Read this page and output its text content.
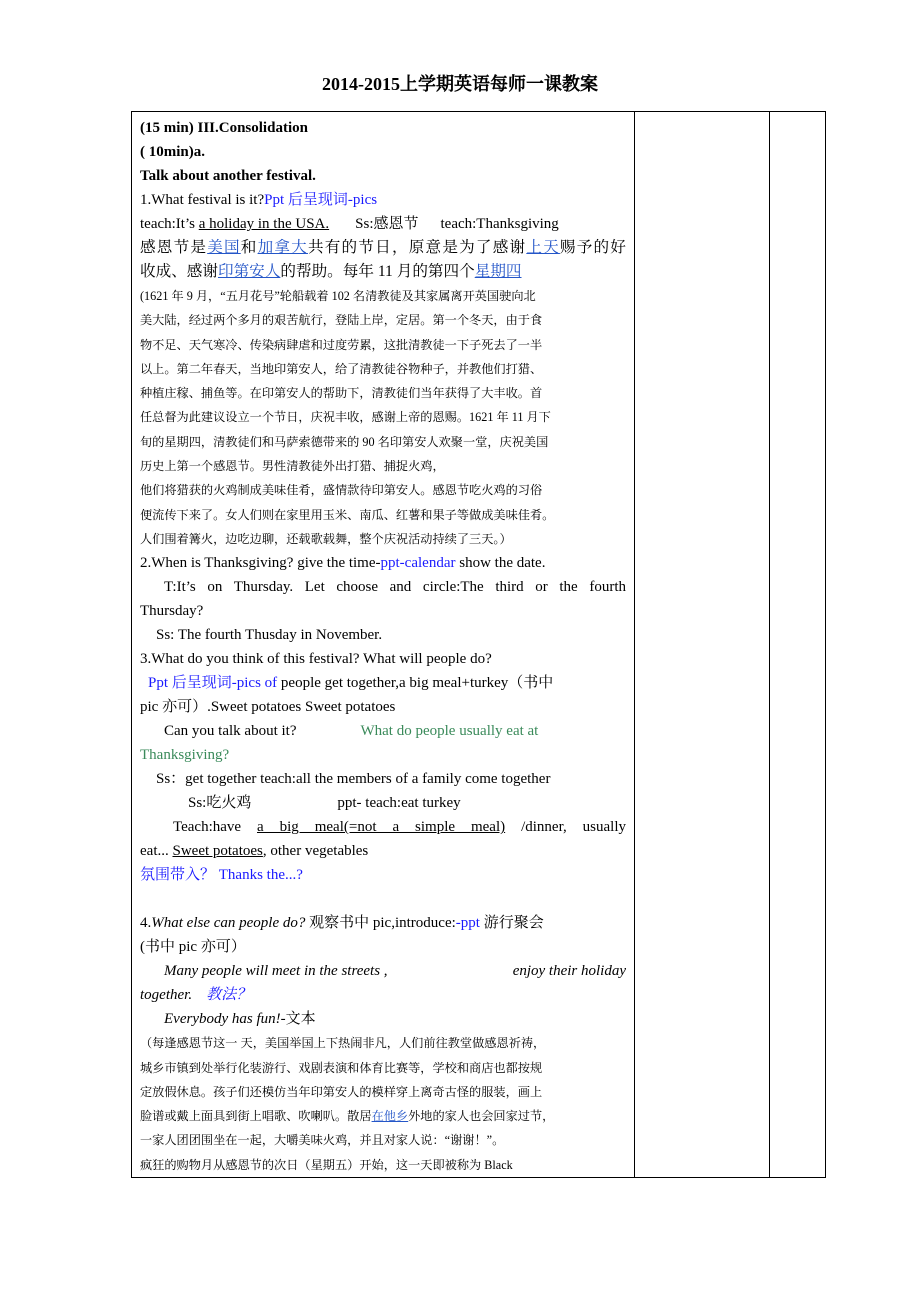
2014-2015上学期英语每师一课教案
(15 min) III.Consolidation
( 10min)a.
Talk about another festival.
1.What festival is it?Ppt 后呈现词-pics
teach:It’s a holiday in the USA. Ss:感恩节 teach:Thanksgiving
感恩节是美国和加拿大共有的节日，原意是为了感谢上天赐予的好
收成、感谢印第安人的帮助。每年 11 月的第四个星期四
(1621 年 9 月，“五月花号”轮船载着 102 名清教徒及其家属离开英国驶向北
美大陆，经过两个多月的艰苦航行，登陆上岸，定居。第一个冬天，由于食
物不足、天气寒冷、传染病肆虐和过度劳累，这批清教徒一下子死去了一半
以上。第二年春天，当地印第安人，给了清教徒谷物种子，并教他们打猎、
种植庄稼、捕鱼等。在印第安人的帮助下，清教徒们当年获得了大丰收。首
任总督为此建议设立一个节日，庆祝丰收，感谢上帝的恩赐。1621 年 11 月下
旬的星期四，清教徒们和马萨索德带来的 90 名印第安人欢聚一堂，庆祝美国
历史上第一个感恩节。男性清教徒外出打猎、捕捉火鸡，
他们将猎获的火鸡制成美味佳肴，盛情款待印第安人。感恩节吃火鸡的习俗
便流传下来了。女人们则在家里用玉米、南瓜、红薯和果子等做成美味佳肴。
人们围着篝火，边吃边聊，还载歌载舞，整个庆祝活动持续了三天。）
2.When is Thanksgiving? give the time-ppt-calendar show the date.
T:It’s on Thursday. Let choose and circle:The third or the fourth
Thursday?
Ss: The fourth Thusday in November.
3.What do you think of this festival? What will people do?
Ppt 后呈现词-pics of people get together,a big meal+turkey（书中
pic 亦可）.Sweet potatoes Sweet potatoes
Can you talk about it?	What do people usually eat at
Thanksgiving?
Ss：get together teach:all the members of a family come together
Ss:吃火鸡	ppt- teach:eat turkey
Teach:have a big meal(=not a simple meal) /dinner, usually
eat... Sweet potatoes, other vegetables
氛围带入？ Thanks the...?
4.What else can people do? 观察书中 pic,introduce:-ppt 游行聚会
(书中 pic 亦可）
Many people will meet in the streets ,	enjoy their holiday
together. 教法？
Everybody has fun!-文本
（每逢感恩节这一 天，美国举国上下热闹非凡，人们前往教堂做感恩祈祷，
城乡市镇到处举行化装游行、戏剧表演和体育比赛等，学校和商店也都按规
定放假休息。孩子们还模仿当年印第安人的模样穿上离奇古怪的服装，画上
脸谱或戴上面具到街上唱歌、吹喇叭。散居在他乡外地的家人也会回家过节，
一家人团团围坐在一起，大嚼美味火鸡，并且对家人说：“谢谢！”。
疯狂的购物月从感恩节的次日（星期五）开始，这一天即被称为 Black
